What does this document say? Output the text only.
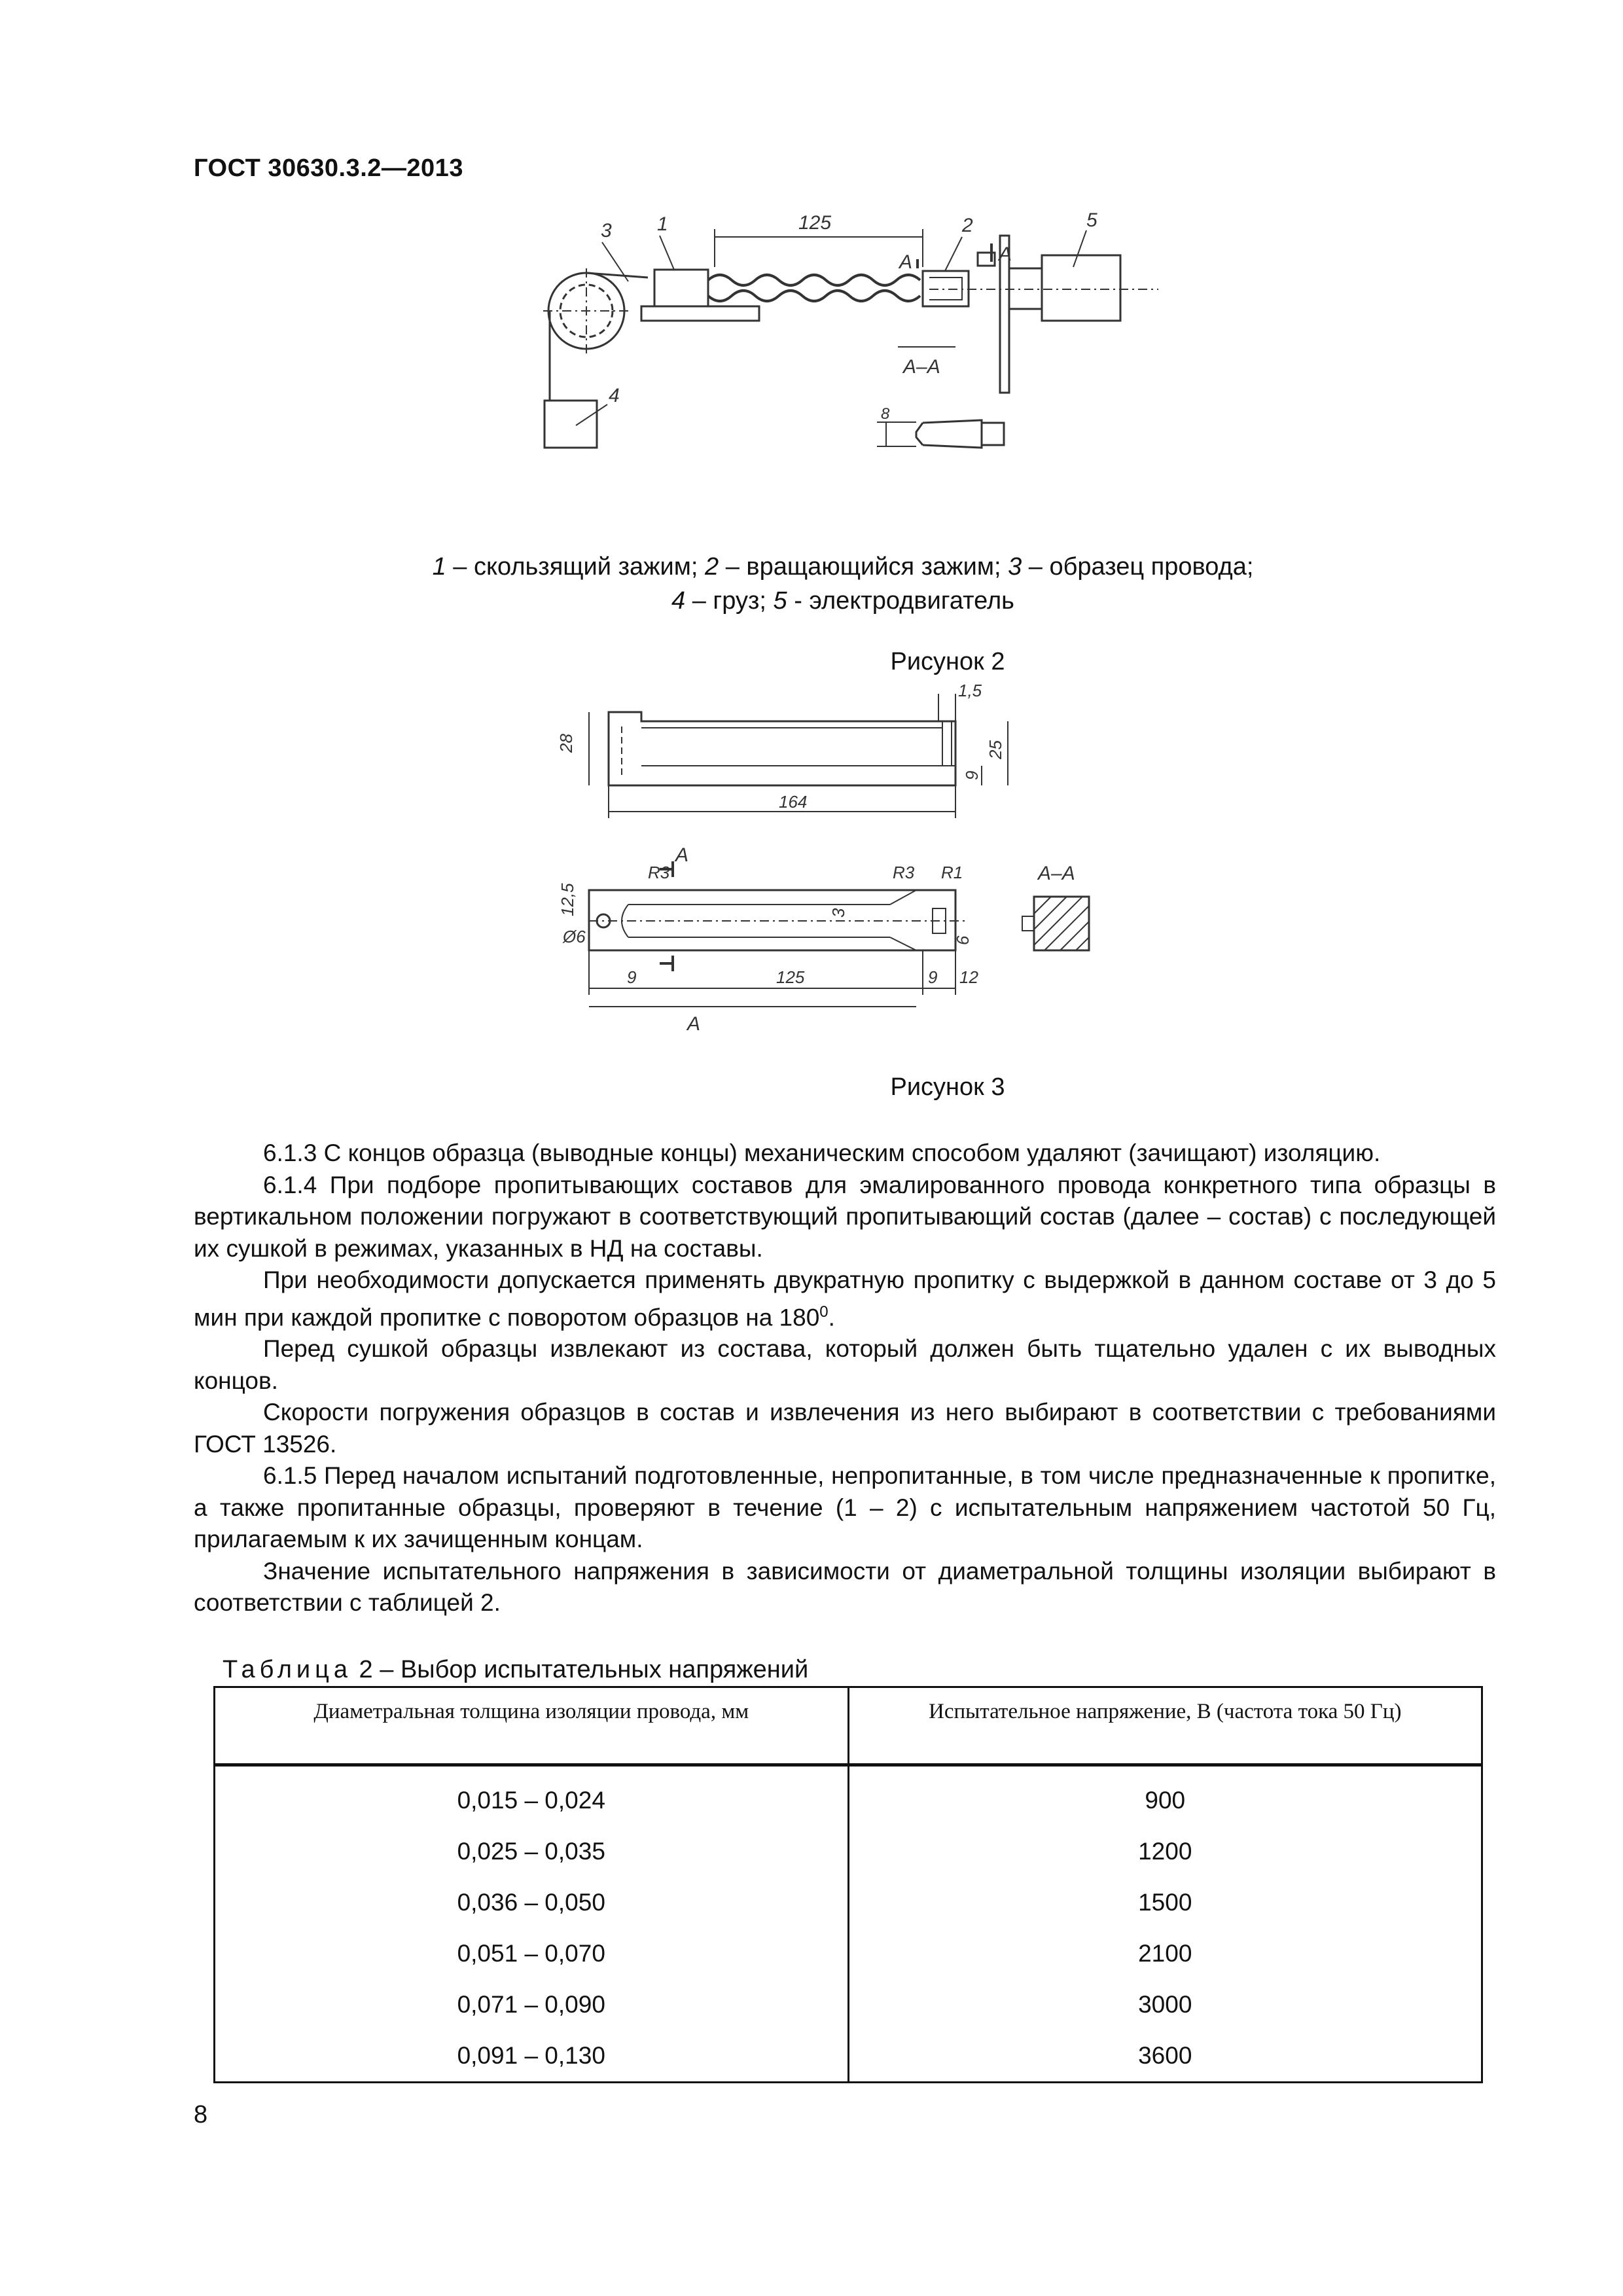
ГОСТ 30630.3.2—2013
3 1	125	2	5
А	А
4
А–А
8
1 – скользящий зажим; 2 – вращающийся зажим; 3 – образец провода;
4 – груз; 5 - электродвигатель
Рисунок 2
1,5
28	25
9
164
R3	R3 R1
А
А–А
12,5
Ø6
3
6
9	125	9 12
А
Рисунок 3

6.1.3 С концов образца (выводные концы) механическим способом удаляют (зачищают) изоляцию.

6.1.4 При подборе пропитывающих составов для эмалированного провода конкретного типа образцы в вертикальном положении погружают в соответствующий пропитывающий состав (далее – состав) с последующей их сушкой в режимах, указанных в НД на составы.

При необходимости допускается применять двукратную пропитку с выдержкой в данном составе от 3 до 5 мин при каждой пропитке с поворотом образцов на $180^0$.

Перед сушкой образцы извлекают из состава, который должен быть тщательно удален с их выводных концов.

Скорости погружения образцов в состав и извлечения из него выбирают в соответствии с требованиями ГОСТ 13526.

6.1.5 Перед началом испытаний подготовленные, непропитанные, в том числе предназначенные к пропитке, а также пропитанные образцы, проверяют в течение (1 – 2) с испытательным напряжением частотой 50 Гц, прилагаемым к их зачищенным концам.

Значение испытательного напряжения в зависимости от диаметральной толщины изоляции выбирают в соответствии с таблицей 2.

Таблица 2 – Выбор испытательных напряжений
Диаметральная толщина изоляции провода, мм	Испытательное напряжение, В (частота тока 50 Гц)
0,015 – 0,024	900
0,025 – 0,035	1200
0,036 – 0,050	1500
0,051 – 0,070	2100
0,071 – 0,090	3000
0,091 – 0,130	3600
8
